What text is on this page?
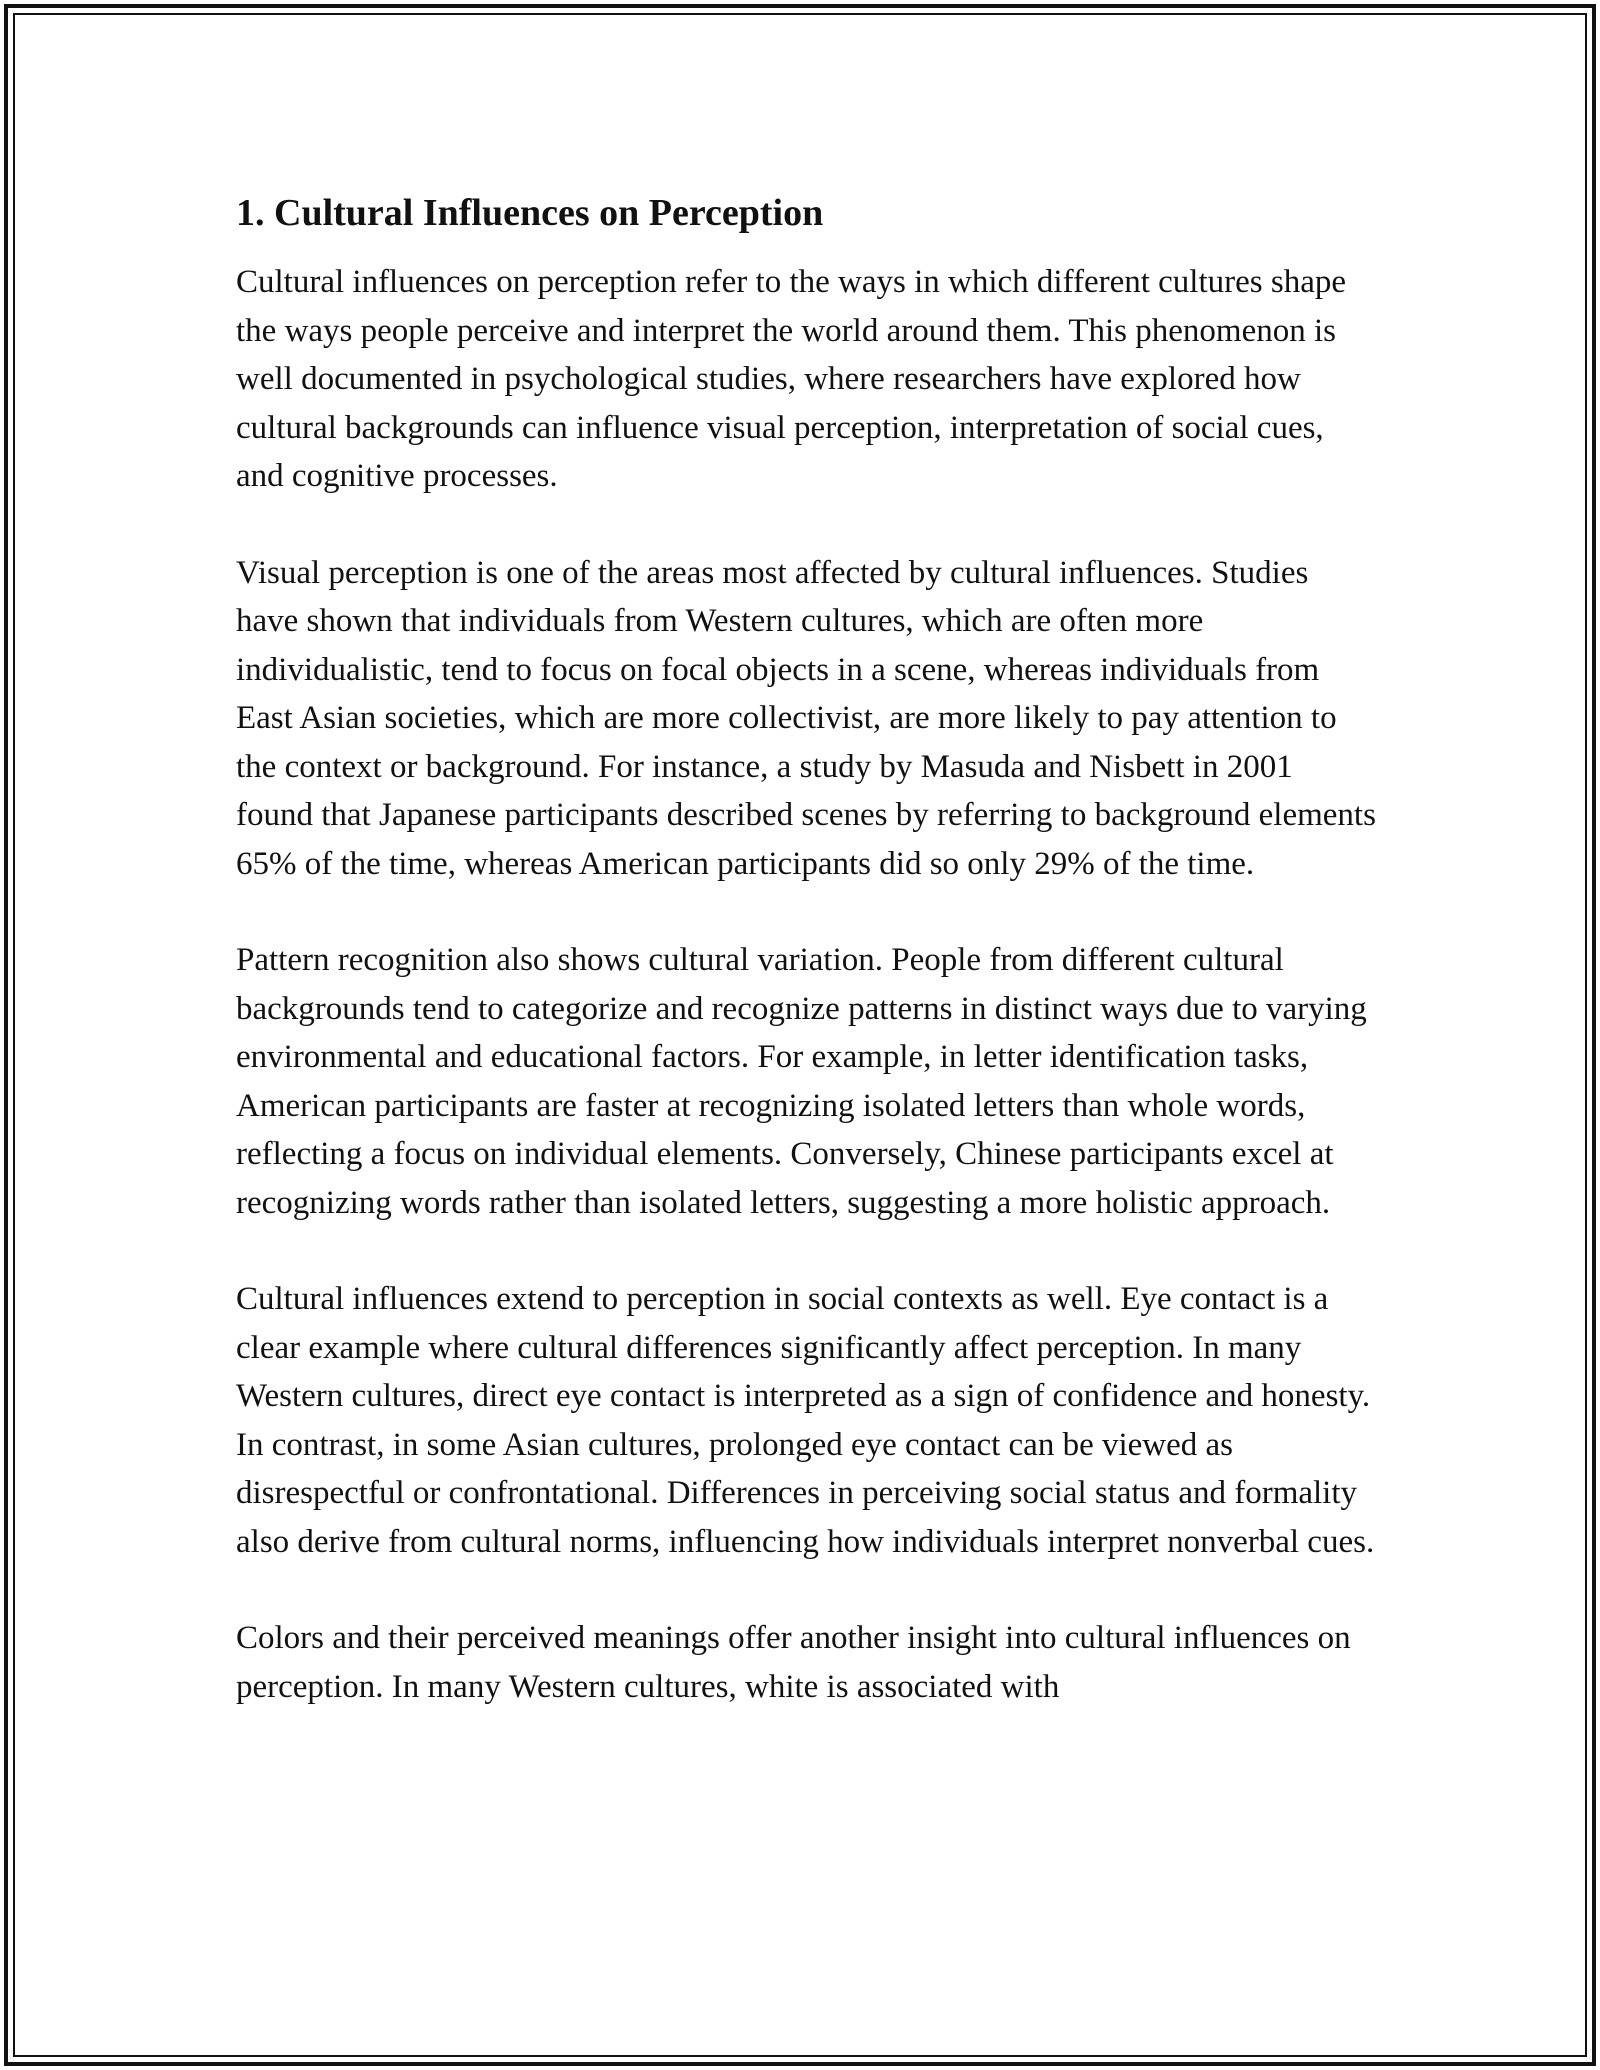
1. Cultural Influences on Perception

Cultural influences on perception refer to the ways in which different cultures shape the ways people perceive and interpret the world around them. This phenomenon is well documented in psychological studies, where researchers have explored how cultural backgrounds can influence visual perception, interpretation of social cues, and cognitive processes.

Visual perception is one of the areas most affected by cultural influences. Studies have shown that individuals from Western cultures, which are often more individualistic, tend to focus on focal objects in a scene, whereas individuals from East Asian societies, which are more collectivist, are more likely to pay attention to the context or background. For instance, a study by Masuda and Nisbett in 2001 found that Japanese participants described scenes by referring to background elements 65% of the time, whereas American participants did so only 29% of the time.

Pattern recognition also shows cultural variation. People from different cultural backgrounds tend to categorize and recognize patterns in distinct ways due to varying environmental and educational factors. For example, in letter identification tasks, American participants are faster at recognizing isolated letters than whole words, reflecting a focus on individual elements. Conversely, Chinese participants excel at recognizing words rather than isolated letters, suggesting a more holistic approach.

Cultural influences extend to perception in social contexts as well. Eye contact is a clear example where cultural differences significantly affect perception. In many Western cultures, direct eye contact is interpreted as a sign of confidence and honesty. In contrast, in some Asian cultures, prolonged eye contact can be viewed as disrespectful or confrontational. Differences in perceiving social status and formality also derive from cultural norms, influencing how individuals interpret nonverbal cues.

Colors and their perceived meanings offer another insight into cultural influences on perception. In many Western cultures, white is associated with
